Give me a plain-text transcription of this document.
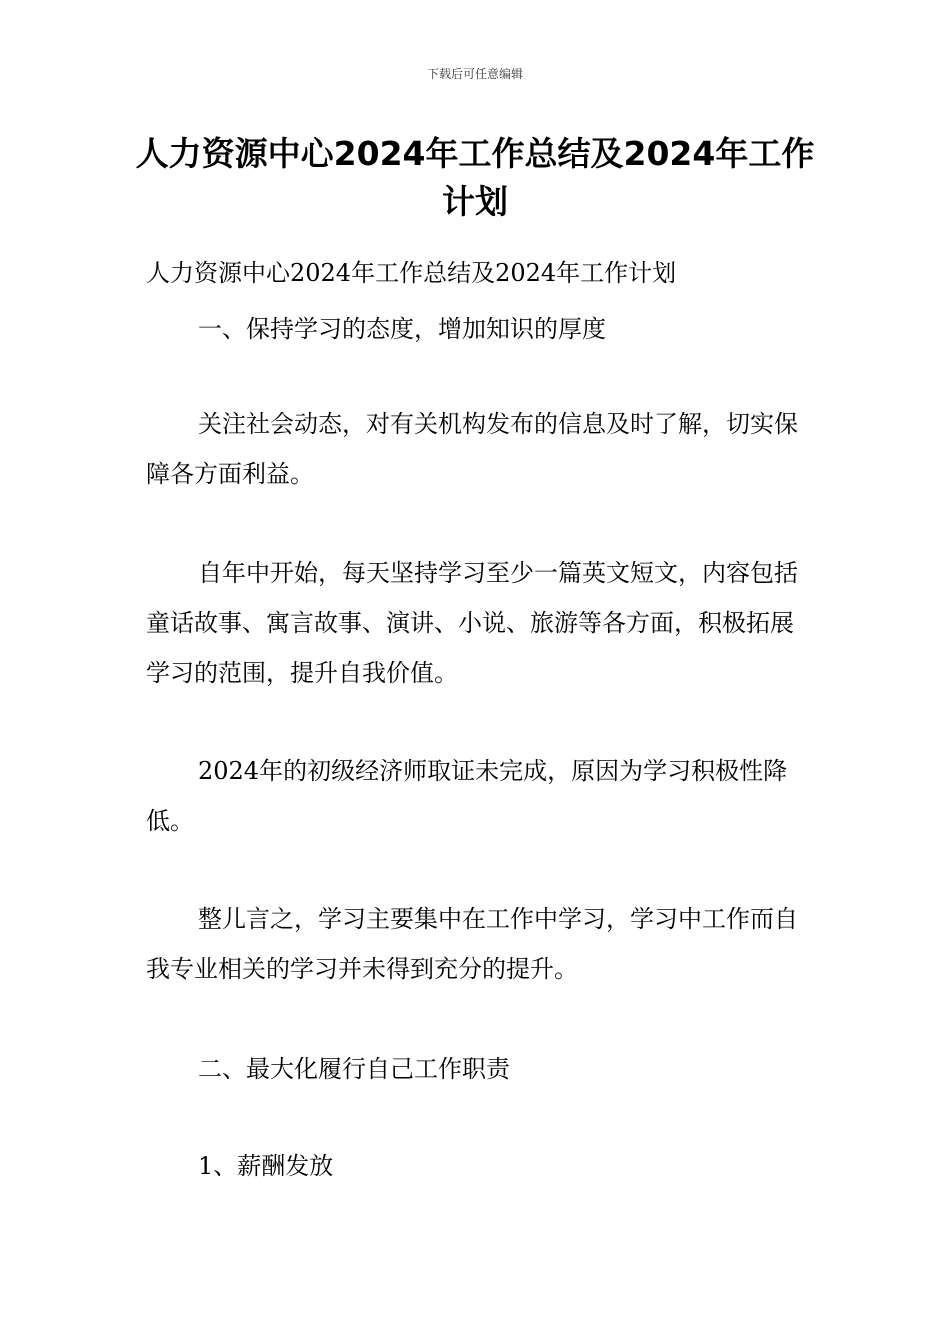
下载后可任意编辑
人力资源中心2024年工作总结及2024年工作计划

人力资源中心2024年工作总结及2024年工作计划

一、保持学习的态度，增加知识的厚度

关注社会动态，对有关机构发布的信息及时了解，切实保障各方面利益。

自年中开始，每天坚持学习至少一篇英文短文，内容包括童话故事、寓言故事、演讲、小说、旅游等各方面，积极拓展学习的范围，提升自我价值。

2024年的初级经济师取证未完成，原因为学习积极性降低。

整儿言之，学习主要集中在工作中学习，学习中工作而自我专业相关的学习并未得到充分的提升。

二、最大化履行自己工作职责

1、薪酬发放
